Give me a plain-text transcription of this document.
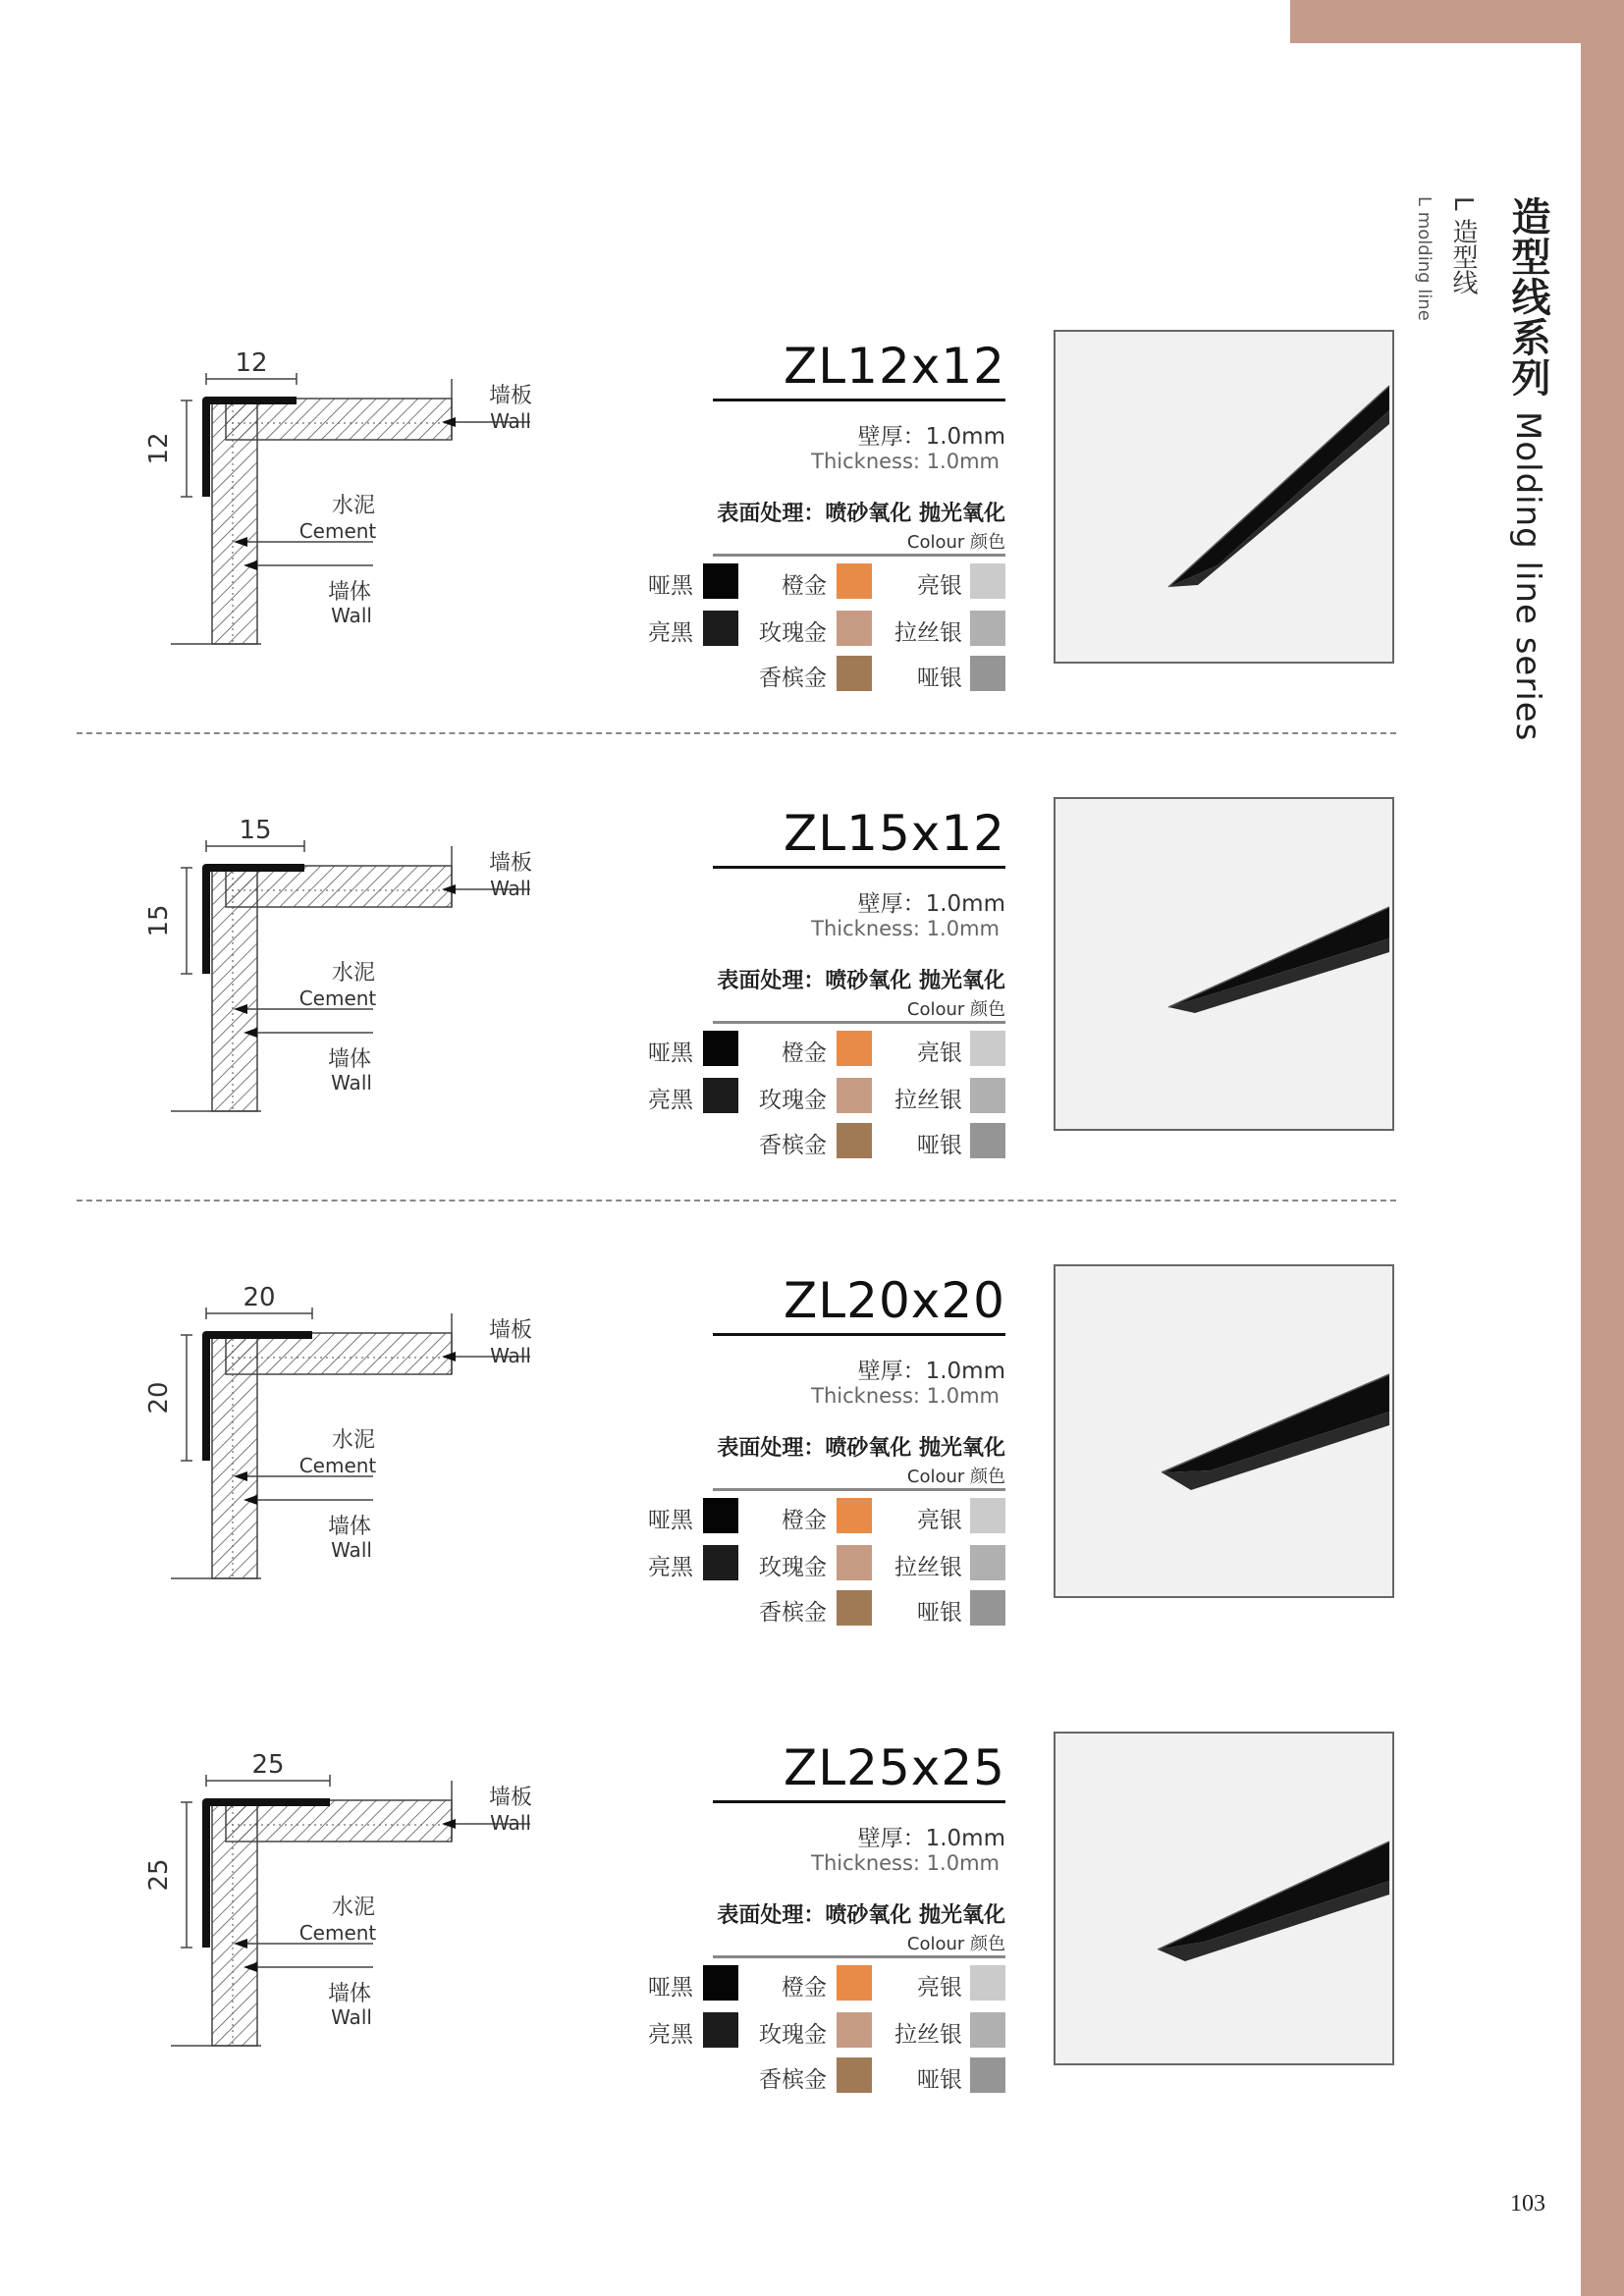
造型线系列Molding line series
L 造型线
L molding line
12
12
墙板
Wall
水泥
Cement
墙体
Wall
ZL12x12
壁厚：1.0mm
Thickness: 1.0mm
表面处理：喷砂氧化 抛光氧化
Colour 颜色
哑黑
亮黑
橙金
玫瑰金
香槟金
亮银
拉丝银
哑银
15
15
墙板
Wall
水泥
Cement
墙体
Wall
ZL15x12
壁厚：1.0mm
Thickness: 1.0mm
表面处理：喷砂氧化 抛光氧化
Colour 颜色
哑黑
亮黑
橙金
玫瑰金
香槟金
亮银
拉丝银
哑银
20
20
墙板
Wall
水泥
Cement
墙体
Wall
ZL20x20
壁厚：1.0mm
Thickness: 1.0mm
表面处理：喷砂氧化 抛光氧化
Colour 颜色
哑黑
亮黑
橙金
玫瑰金
香槟金
亮银
拉丝银
哑银
25
25
墙板
Wall
水泥
Cement
墙体
Wall
ZL25x25
壁厚：1.0mm
Thickness: 1.0mm
表面处理：喷砂氧化 抛光氧化
Colour 颜色
哑黑
亮黑
橙金
玫瑰金
香槟金
亮银
拉丝银
哑银
103
